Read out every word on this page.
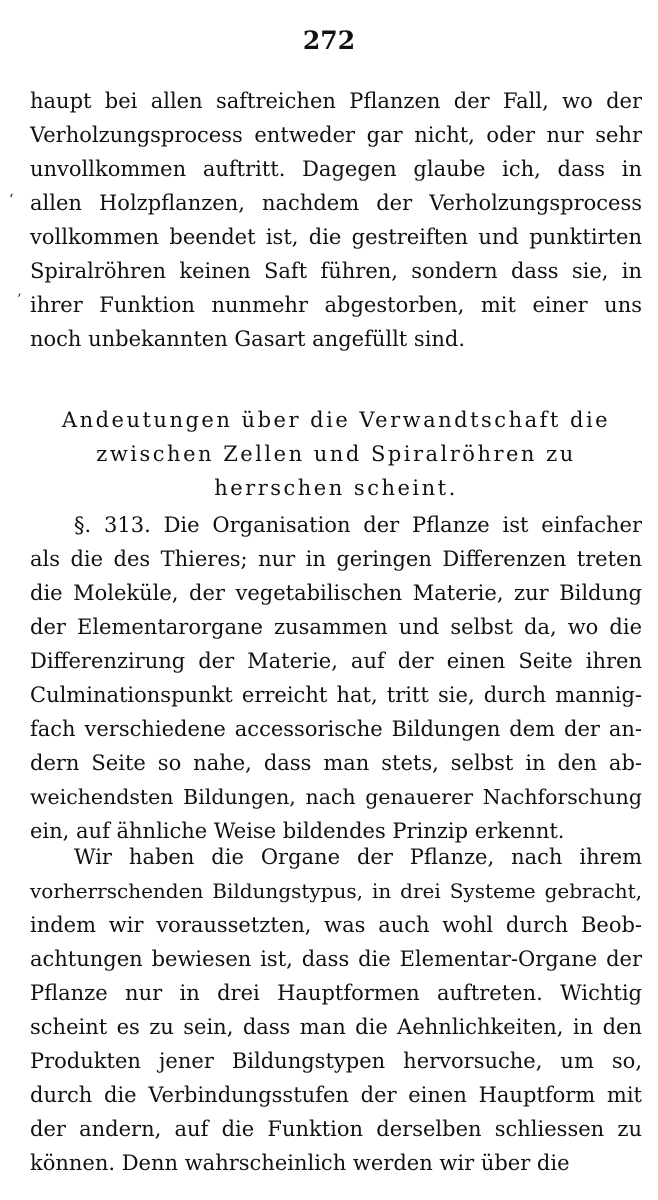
272
‘
’
haupt bei allen saftreichen Pflanzen der Fall, wo der
Verholzungsprocess entweder gar nicht, oder nur sehr
unvollkommen auftritt. Dagegen glaube ich, dass in
allen Holzpflanzen, nachdem der Verholzungsprocess
vollkommen beendet ist, die gestreiften und punktirten
Spiralröhren keinen Saft führen, sondern dass sie, in
ihrer Funktion nunmehr abgestorben, mit einer uns
noch unbekannten Gasart angefüllt sind.
Andeutungen über die Verwandtschaft die
zwischen Zellen und Spiralröhren zu
herrschen scheint.
§. 313. Die Organisation der Pflanze ist einfacher
als die des Thieres; nur in geringen Differenzen treten
die Moleküle, der vegetabilischen Materie, zur Bildung
der Elementarorgane zusammen und selbst da, wo die
Differenzirung der Materie, auf der einen Seite ihren
Culminationspunkt erreicht hat, tritt sie, durch mannig-
fach verschiedene accessorische Bildungen dem der an-
dern Seite so nahe, dass man stets, selbst in den ab-
weichendsten Bildungen, nach genauerer Nachforschung
ein, auf ähnliche Weise bildendes Prinzip erkennt.
Wir haben die Organe der Pflanze, nach ihrem
vorherrschenden Bildungstypus, in drei Systeme gebracht,
indem wir voraussetzten, was auch wohl durch Beob-
achtungen bewiesen ist, dass die Elementar-Organe der
Pflanze nur in drei Hauptformen auftreten. Wichtig
scheint es zu sein, dass man die Aehnlichkeiten, in den
Produkten jener Bildungstypen hervorsuche, um so,
durch die Verbindungsstufen der einen Hauptform mit
der andern, auf die Funktion derselben schliessen zu
können. Denn wahrscheinlich werden wir über die
